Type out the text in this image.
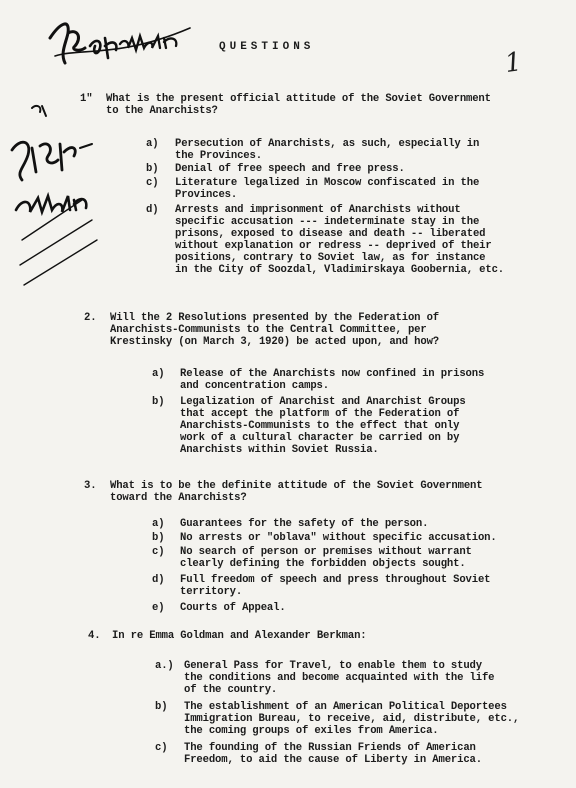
QUESTIONS	1
1" What is the present official attitude of the Soviet Government
to the Anarchists?
a) Persecution of Anarchists, as such, especially in
the Provinces.
b) Denial of free speech and free press.
c) Literature legalized in Moscow confiscated in the
Provinces.
d) Arrests and imprisonment of Anarchists without
specific accusation --- indeterminate stay in the
prisons, exposed to disease and death -- liberated
without explanation or redress -- deprived of their
positions, contrary to Soviet law, as for instance
in the City of Soozdal, Vladimirskaya Goobernia, etc.
2. Will the 2 Resolutions presented by the Federation of
Anarchists-Communists to the Central Committee, per
Krestinsky (on March 3, 1920) be acted upon, and how?
a) Release of the Anarchists now confined in prisons
and concentration camps.
b) Legalization of Anarchist and Anarchist Groups
that accept the platform of the Federation of
Anarchists-Communists to the effect that only
work of a cultural character be carried on by
Anarchists within Soviet Russia.
3. What is to be the definite attitude of the Soviet Government
toward the Anarchists?
a) Guarantees for the safety of the person.
b) No arrests or "oblava" without specific accusation.
c) No search of person or premises without warrant
clearly defining the forbidden objects sought.
d) Full freedom of speech and press throughout Soviet
territory.
e) Courts of Appeal.
4. In re Emma Goldman and Alexander Berkman:
a.) General Pass for Travel, to enable them to study
the conditions and become acquainted with the life
of the country.
b) The establishment of an American Political Deportees
Immigration Bureau, to receive, aid, distribute, etc.,
the coming groups of exiles from America.
c) The founding of the Russian Friends of American
Freedom, to aid the cause of Liberty in America.
